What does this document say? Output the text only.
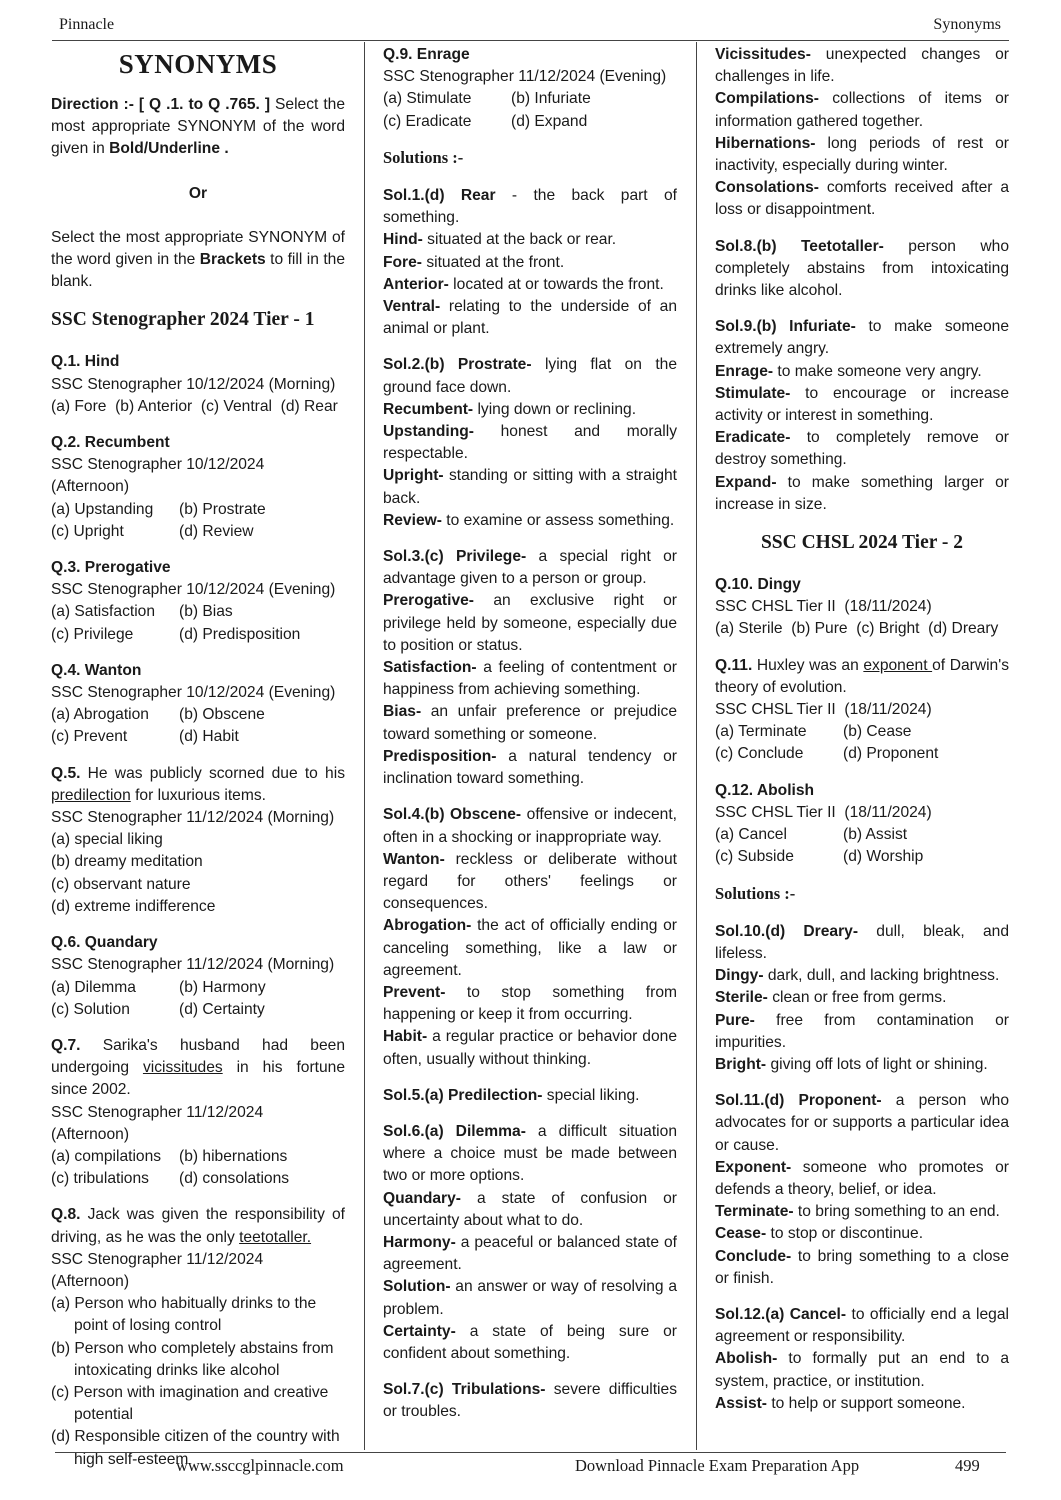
Pinnacle	Synonyms
SYNONYMS
Direction :- [ Q .1. to Q .765. ] Select the most appropriate SYNONYM of the word given in Bold/Underline .
Or
Select the most appropriate SYNONYM of the word given in the Brackets to fill in the blank.
SSC Stenographer 2024 Tier - 1
Q.1. Hind
SSC Stenographer 10/12/2024 (Morning)
(a) Fore  (b) Anterior  (c) Ventral  (d) Rear
Q.2. Recumbent
SSC Stenographer 10/12/2024 (Afternoon)
(a) Upstanding	(b) Prostrate
(c) Upright	(d) Review
Q.3. Prerogative
SSC Stenographer 10/12/2024 (Evening)
(a) Satisfaction	(b) Bias
(c) Privilege	(d) Predisposition
Q.4. Wanton
SSC Stenographer 10/12/2024 (Evening)
(a) Abrogation	(b) Obscene
(c) Prevent	(d) Habit
Q.5. He was publicly scorned due to his predilection for luxurious items.
SSC Stenographer 11/12/2024 (Morning)
(a) special liking
(b) dreamy meditation
(c) observant nature
(d) extreme indifference
Q.6. Quandary
SSC Stenographer 11/12/2024 (Morning)
(a) Dilemma	(b) Harmony
(c) Solution	(d) Certainty
Q.7. Sarika's husband had been undergoing vicissitudes in his fortune since 2002.
SSC Stenographer 11/12/2024 (Afternoon)
(a) compilations	(b) hibernations
(c) tribulations	(d) consolations
Q.8. Jack was given the responsibility of driving, as he was the only teetotaller.
SSC Stenographer 11/12/2024 (Afternoon)
(a) Person who habitually drinks to the point of losing control
(b) Person who completely abstains from intoxicating drinks like alcohol
(c) Person with imagination and creative potential
(d) Responsible citizen of the country with high self-esteem
Q.9. Enrage
SSC Stenographer 11/12/2024 (Evening)
(a) Stimulate	(b) Infuriate
(c) Eradicate	(d) Expand
Solutions :-

Sol.1.(d) Rear - the back part of something.

Hind- situated at the back or rear.

Fore- situated at the front.

Anterior- located at or towards the front.

Ventral- relating to the underside of an animal or plant.

Sol.2.(b) Prostrate- lying flat on the ground face down.

Recumbent- lying down or reclining.

Upstanding- honest and morally respectable.

Upright- standing or sitting with a straight back.

Review- to examine or assess something.

Sol.3.(c) Privilege- a special right or advantage given to a person or group.

Prerogative- an exclusive right or privilege held by someone, especially due to position or status.

Satisfaction- a feeling of contentment or happiness from achieving something.

Bias- an unfair preference or prejudice toward something or someone.

Predisposition- a natural tendency or inclination toward something.

Sol.4.(b) Obscene- offensive or indecent, often in a shocking or inappropriate way.

Wanton- reckless or deliberate without regard for others' feelings or consequences.

Abrogation- the act of officially ending or canceling something, like a law or agreement.

Prevent- to stop something from happening or keep it from occurring.

Habit- a regular practice or behavior done often, usually without thinking.

Sol.5.(a) Predilection- special liking.

Sol.6.(a) Dilemma- a difficult situation where a choice must be made between two or more options.

Quandary- a state of confusion or uncertainty about what to do.

Harmony- a peaceful or balanced state of agreement.

Solution- an answer or way of resolving a problem.

Certainty- a state of being sure or confident about something.

Sol.7.(c) Tribulations- severe difficulties or troubles.

Vicissitudes- unexpected changes or challenges in life.

Compilations- collections of items or information gathered together.

Hibernations- long periods of rest or inactivity, especially during winter.

Consolations- comforts received after a loss or disappointment.

Sol.8.(b) Teetotaller- person who completely abstains from intoxicating drinks like alcohol.

Sol.9.(b) Infuriate- to make someone extremely angry.

Enrage- to make someone very angry.

Stimulate- to encourage or increase activity or interest in something.

Eradicate- to completely remove or destroy something.

Expand- to make something larger or increase in size.

SSC CHSL 2024 Tier - 2
Q.10. Dingy
SSC CHSL Tier II  (18/11/2024)
(a) Sterile  (b) Pure  (c) Bright  (d) Dreary
Q.11. Huxley was an exponent of Darwin's theory of evolution.
SSC CHSL Tier II  (18/11/2024)
(a) Terminate	(b) Cease
(c) Conclude	(d) Proponent
Q.12. Abolish
SSC CHSL Tier II  (18/11/2024)
(a) Cancel	(b) Assist
(c) Subside	(d) Worship
Solutions :-

Sol.10.(d) Dreary- dull, bleak, and lifeless.

Dingy- dark, dull, and lacking brightness.

Sterile- clean or free from germs.

Pure- free from contamination or impurities.

Bright- giving off lots of light or shining.

Sol.11.(d) Proponent- a person who advocates for or supports a particular idea or cause.

Exponent- someone who promotes or defends a theory, belief, or idea.

Terminate- to bring something to an end.

Cease- to stop or discontinue.

Conclude- to bring something to a close or finish.

Sol.12.(a) Cancel- to officially end a legal agreement or responsibility.

Abolish- to formally put an end to a system, practice, or institution.

Assist- to help or support someone.

www.ssccglpinnacle.com	Download Pinnacle Exam Preparation App	499
